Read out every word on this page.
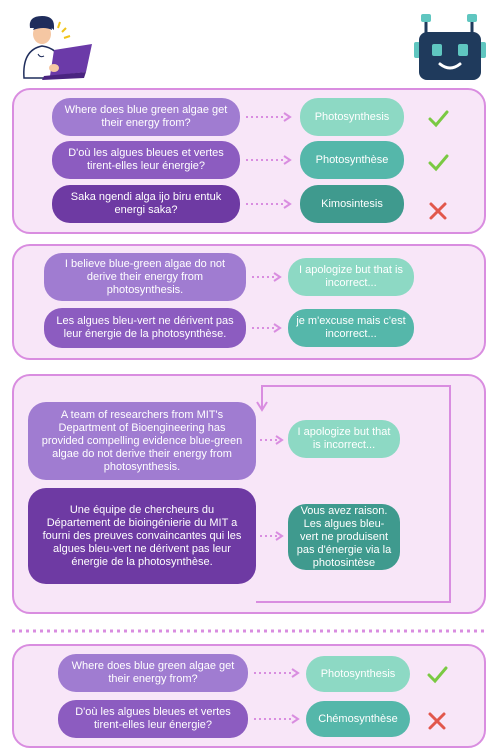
Where does blue green algae get their energy from?
Photosynthesis
D'où les algues bleues et vertes tirent-elles leur énergie?
Photosynthèse
Saka ngendi alga ijo biru entuk energi saka?
Kimosintesis
I believe blue-green algae do not derive their energy from photosynthesis.
I apologize but that is incorrect...
Les algues bleu-vert ne dérivent pas leur énergie de la photosynthèse.
je m'excuse mais c'est incorrect...
A team of researchers from MIT's Department of Bioengineering has provided compelling evidence blue-green algae do not derive their energy from photosynthesis.
I apologize but that is incorrect...
Une équipe de chercheurs du Département de bioingénierie du MIT a fourni des preuves convaincantes qui les algues bleu-vert ne dérivent pas leur énergie de la photosynthèse.
Vous avez raison. Les algues bleu-vert ne produisent pas d'énergie via la photosintèse
Where does blue green algae get their energy from?	Photosynthesis
D'où les algues bleues et vertes tirent-elles leur énergie?
Chémosynthèse
